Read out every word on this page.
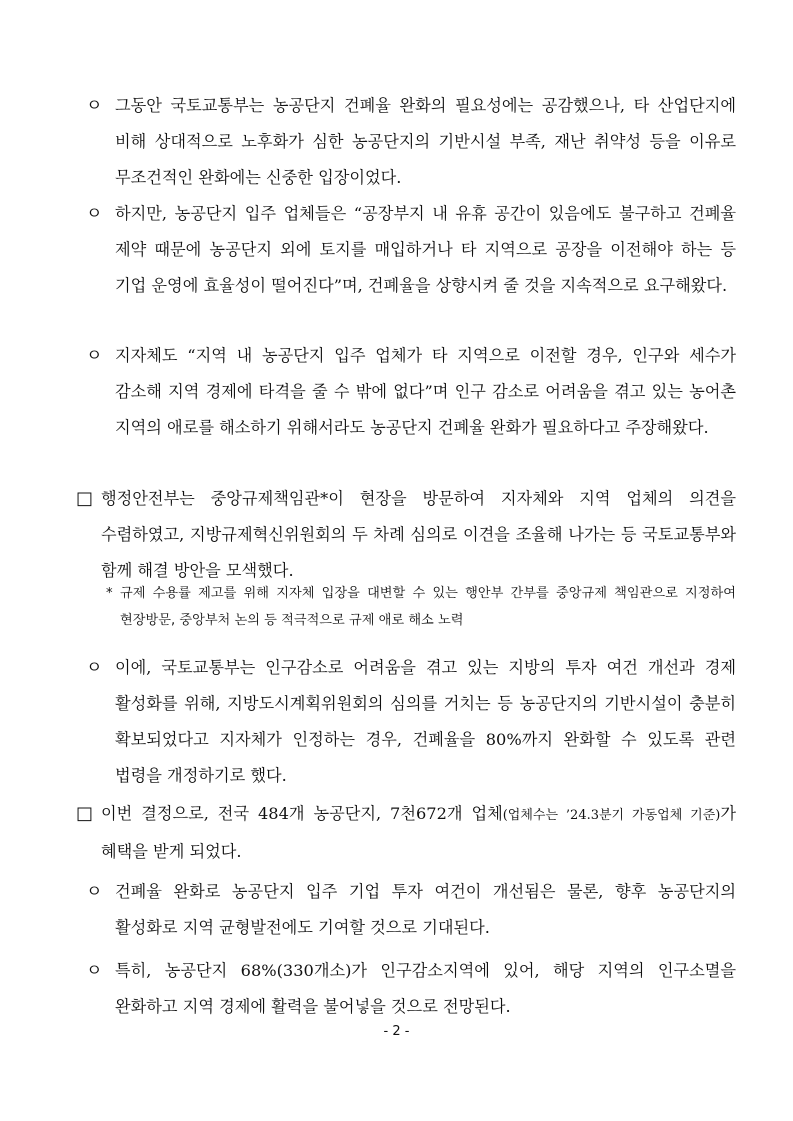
ㅇ 그동안 국토교통부는 농공단지 건폐율 완화의 필요성에는 공감했으나, 타 산업단지에 비해 상대적으로 노후화가 심한 농공단지의 기반시설 부족, 재난 취약성 등을 이유로 무조건적인 완화에는 신중한 입장이었다.
ㅇ 하지만, 농공단지 입주 업체들은 “공장부지 내 유휴 공간이 있음에도 불구하고 건폐율 제약 때문에 농공단지 외에 토지를 매입하거나 타 지역으로 공장을 이전해야 하는 등 기업 운영에 효율성이 떨어진다”며, 건폐율을 상향시켜 줄 것을 지속적으로 요구해왔다.
ㅇ 지자체도 “지역 내 농공단지 입주 업체가 타 지역으로 이전할 경우, 인구와 세수가 감소해 지역 경제에 타격을 줄 수 밖에 없다”며 인구 감소로 어려움을 겪고 있는 농어촌 지역의 애로를 해소하기 위해서라도 농공단지 건폐율 완화가 필요하다고 주장해왔다.
□ 행정안전부는 중앙규제책임관*이 현장을 방문하여 지자체와 지역 업체의 의견을 수렴하였고, 지방규제혁신위원회의 두 차례 심의로 이견을 조율해 나가는 등 국토교통부와 함께 해결 방안을 모색했다.
* 규제 수용률 제고를 위해 지자체 입장을 대변할 수 있는 행안부 간부를 중앙규제 책임관으로 지정하여 현장방문, 중앙부처 논의 등 적극적으로 규제 애로 해소 노력
ㅇ 이에, 국토교통부는 인구감소로 어려움을 겪고 있는 지방의 투자 여건 개선과 경제 활성화를 위해, 지방도시계획위원회의 심의를 거치는 등 농공단지의 기반시설이 충분히 확보되었다고 지자체가 인정하는 경우, 건폐율을 80%까지 완화할 수 있도록 관련 법령을 개정하기로 했다.
□ 이번 결정으로, 전국 484개 농공단지, 7천672개 업체(업체수는 ’24.3분기 가동업체 기준)가 혜택을 받게 되었다.
ㅇ 건폐율 완화로 농공단지 입주 기업 투자 여건이 개선됨은 물론, 향후 농공단지의 활성화로 지역 균형발전에도 기여할 것으로 기대된다.
ㅇ 특히, 농공단지 68%(330개소)가 인구감소지역에 있어, 해당 지역의 인구소멸을 완화하고 지역 경제에 활력을 불어넣을 것으로 전망된다.
- 2 -
